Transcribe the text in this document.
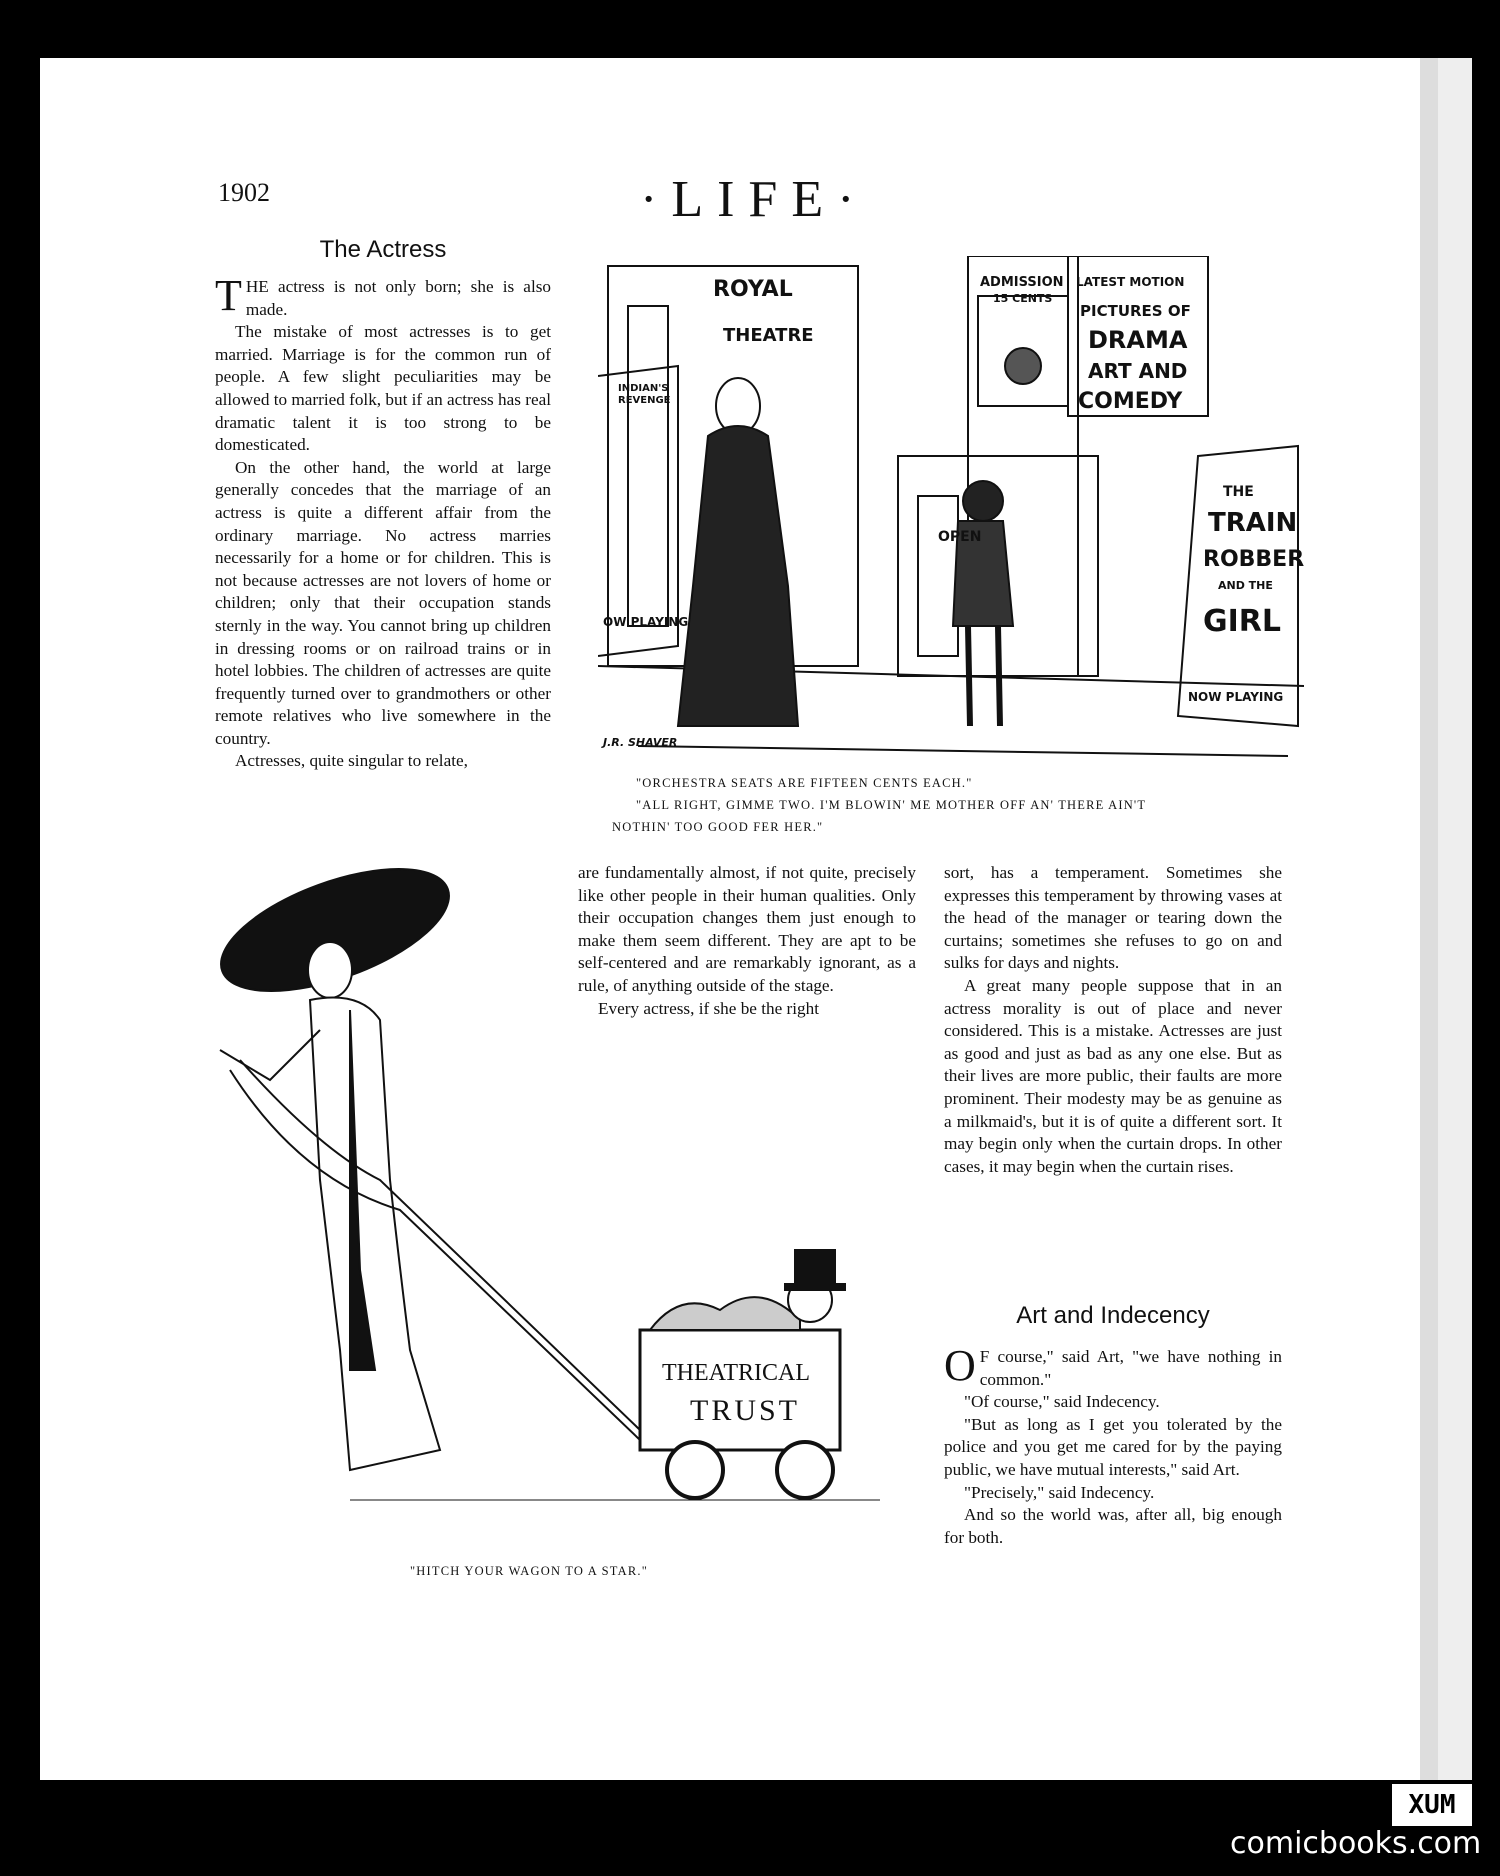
1902	·LIFE·
The Actress

THE actress is not only born; she is also made.

The mistake of most actresses is to get married. Marriage is for the common run of people. A few slight peculiarities may be allowed to married folk, but if an actress has real dramatic talent it is too strong to be domesticated.

On the other hand, the world at large generally concedes that the marriage of an actress is quite a different affair from the ordinary marriage. No actress marries necessarily for a home or for children. This is not because actresses are not lovers of home or children; only that their occupation stands sternly in the way. You cannot bring up children in dressing rooms or on railroad trains or in hotel lobbies. The children of actresses are quite frequently turned over to grandmothers or other remote relatives who live somewhere in the country.

Actresses, quite singular to relate,

ROYAL
THEATRE
INDIAN'S
REVENGE
OW PLAYING
ADMISSION
15 CENTS
LATEST MOTION
PICTURES OF
DRAMA
ART AND
COMEDY
THE
TRAIN
ROBBER
AND THE
GIRL
NOW PLAYING
OPEN
J.R. SHAVER
"ORCHESTRA SEATS ARE FIFTEEN CENTS EACH."
"ALL RIGHT, GIMME TWO. I'M BLOWIN' ME MOTHER OFF AN' THERE AIN'T
NOTHIN' TOO GOOD FER HER."
THEATRICAL
TRUST
"HITCH YOUR WAGON TO A STAR."

are fundamentally almost, if not quite, precisely like other people in their human qualities. Only their occupation changes them just enough to make them seem different. They are apt to be self-centered and are remarkably ignorant, as a rule, of anything outside of the stage.

Every actress, if she be the right

sort, has a temperament. Sometimes she expresses this temperament by throwing vases at the head of the manager or tearing down the curtains; sometimes she refuses to go on and sulks for days and nights.

A great many people suppose that in an actress morality is out of place and never considered. This is a mistake. Actresses are just as good and just as bad as any one else. But as their lives are more public, their faults are more prominent. Their modesty may be as genuine as a milkmaid's, but it is of quite a different sort. It may begin only when the curtain drops. In other cases, it may begin when the curtain rises.

Art and Indecency

O F course," said Art, "we have nothing in common."

"Of course," said Indecency.

"But as long as I get you tolerated by the police and you get me cared for by the paying public, we have mutual interests," said Art.

"Precisely," said Indecency.

And so the world was, after all, big enough for both.

XUM
comicbooks.com
